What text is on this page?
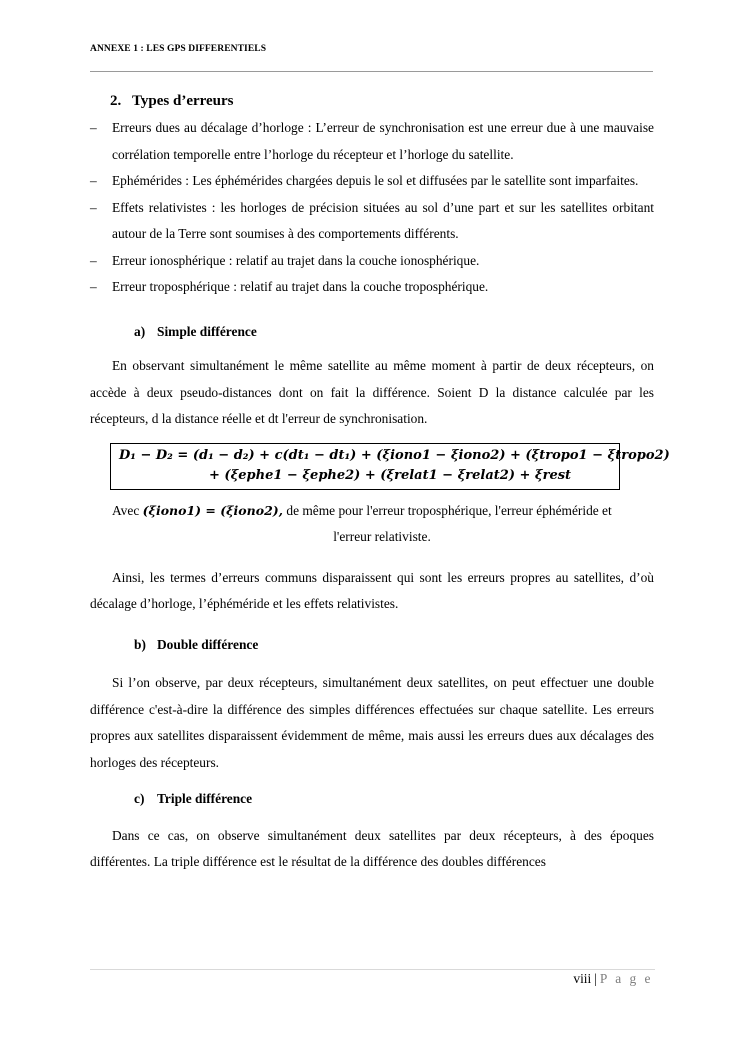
ANNEXE 1 : LES GPS DIFFERENTIELS
2. Types d’erreurs
– Erreurs dues au décalage d’horloge : L’erreur de synchronisation est une erreur due à une mauvaise corrélation temporelle entre l’horloge du récepteur et l’horloge du satellite.
– Ephémérides : Les éphémérides chargées depuis le sol et diffusées par le satellite sont imparfaites.
– Effets relativistes : les horloges de précision situées au sol d’une part et sur les satellites orbitant autour de la Terre sont soumises à des comportements différents.
– Erreur ionosphérique : relatif au trajet dans la couche ionosphérique.
– Erreur troposphérique : relatif au trajet dans la couche troposphérique.

a) Simple différence

En observant simultanément le même satellite au même moment à partir de deux récepteurs, on accède à deux pseudo-distances dont on fait la différence. Soient D la distance calculée par les récepteurs, d la distance réelle et dt l'erreur de synchronisation.

D₁ − D₂ = (d₁ − d₂) + c(dt₁ − dt₁) + (ξiono1 − ξiono2) + (ξtropo1 − ξtropo2)
+ (ξephe1 − ξephe2) + (ξrelat1 − ξrelat2) + ξrest

Avec (ξiono1) = (ξiono2), de même pour l'erreur troposphérique, l'erreur éphéméride et

l'erreur relativiste.

Ainsi, les termes d’erreurs communs disparaissent qui sont les erreurs propres au satellites, d’où décalage d’horloge, l’éphéméride et les effets relativistes.

b) Double différence

Si l’on observe, par deux récepteurs, simultanément deux satellites, on peut effectuer une double différence c'est-à-dire la différence des simples différences effectuées sur chaque satellite. Les erreurs propres aux satellites disparaissent évidemment de même, mais aussi les erreurs dues aux décalages des horloges des récepteurs.

c) Triple différence

Dans ce cas, on observe simultanément deux satellites par deux récepteurs, à des époques différentes. La triple différence est le résultat de la différence des doubles différences

viii | P a g e
